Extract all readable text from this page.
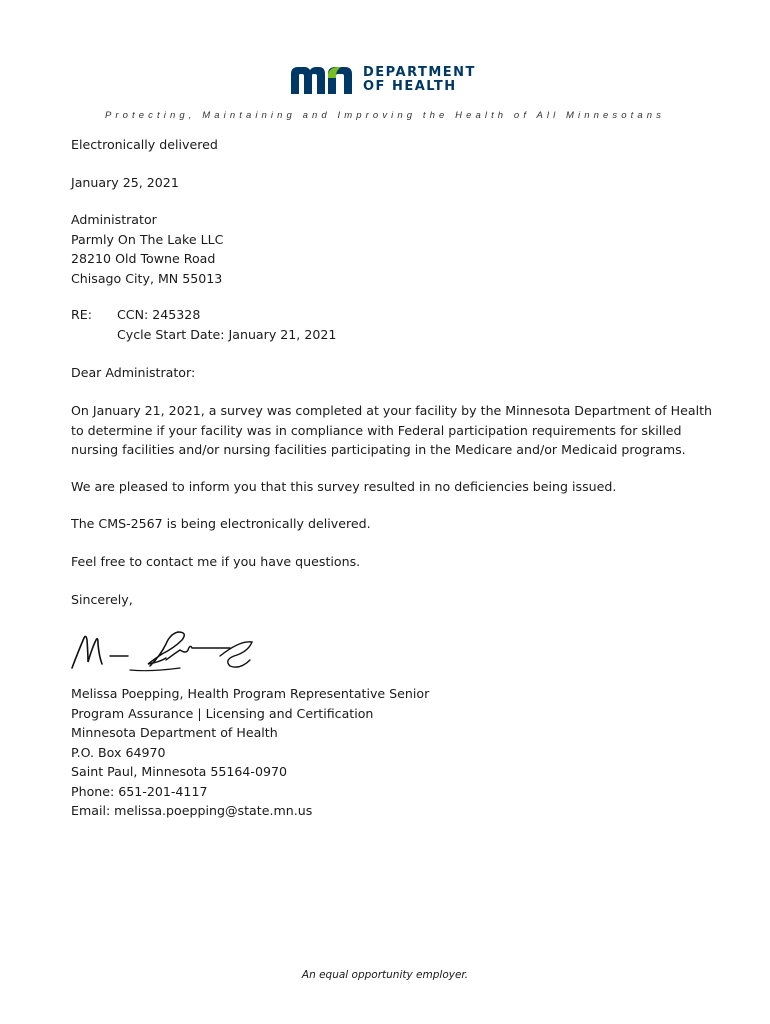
DEPARTMENT
OF HEALTH
Protecting, Maintaining and Improving the Health of All Minnesotans
Electronically delivered
January 25, 2021
Administrator
Parmly On The Lake LLC
28210 Old Towne Road
Chisago City, MN 55013
RE:	CCN: 245328
Cycle Start Date: January 21, 2021
Dear Administrator:
On January 21, 2021, a survey was completed at your facility by the Minnesota Department of Health
to determine if your facility was in compliance with Federal participation requirements for skilled
nursing facilities and/or nursing facilities participating in the Medicare and/or Medicaid programs.
We are pleased to inform you that this survey resulted in no deficiencies being issued.
The CMS-2567 is being electronically delivered.
Feel free to contact me if you have questions.
Sincerely,
Melissa Poepping, Health Program Representative Senior
Program Assurance | Licensing and Certification
Minnesota Department of Health
P.O. Box 64970
Saint Paul, Minnesota 55164-0970
Phone: 651-201-4117
Email: melissa.poepping@state.mn.us
An equal opportunity employer.
